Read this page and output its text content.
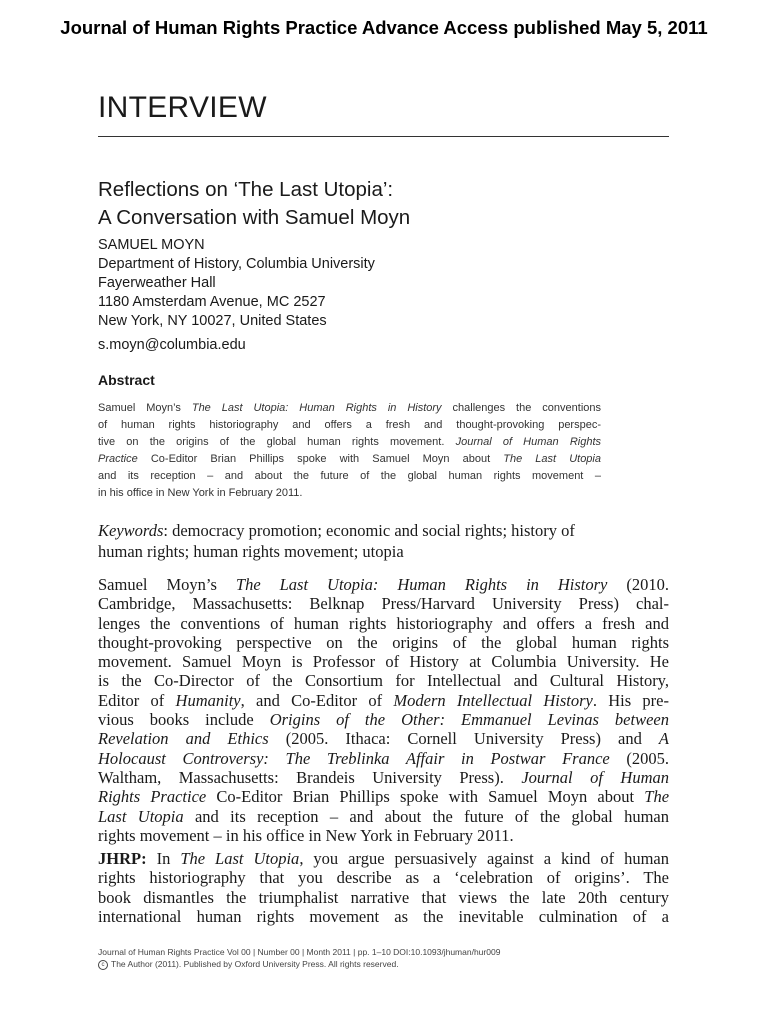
Journal of Human Rights Practice Advance Access published May 5, 2011
INTERVIEW
Reflections on ‘The Last Utopia’:
A Conversation with Samuel Moyn
SAMUEL MOYN
Department of History, Columbia University
Fayerweather Hall
1180 Amsterdam Avenue, MC 2527
New York, NY 10027, United States
s.moyn@columbia.edu
Abstract
Samuel Moyn’s The Last Utopia: Human Rights in History challenges the conventions
of human rights historiography and offers a fresh and thought-provoking perspec-
tive on the origins of the global human rights movement. Journal of Human Rights
Practice Co-Editor Brian Phillips spoke with Samuel Moyn about The Last Utopia
and its reception – and about the future of the global human rights movement –
in his office in New York in February 2011.
Keywords: democracy promotion; economic and social rights; history of
human rights; human rights movement; utopia
Samuel Moyn’s The Last Utopia: Human Rights in History (2010.
Cambridge, Massachusetts: Belknap Press/Harvard University Press) chal-
lenges the conventions of human rights historiography and offers a fresh and
thought-provoking perspective on the origins of the global human rights
movement. Samuel Moyn is Professor of History at Columbia University. He
is the Co-Director of the Consortium for Intellectual and Cultural History,
Editor of Humanity, and Co-Editor of Modern Intellectual History. His pre-
vious books include Origins of the Other: Emmanuel Levinas between
Revelation and Ethics (2005. Ithaca: Cornell University Press) and A
Holocaust Controversy: The Treblinka Affair in Postwar France (2005.
Waltham, Massachusetts: Brandeis University Press). Journal of Human
Rights Practice Co-Editor Brian Phillips spoke with Samuel Moyn about The
Last Utopia and its reception – and about the future of the global human
rights movement – in his office in New York in February 2011.
JHRP: In The Last Utopia, you argue persuasively against a kind of human
rights historiography that you describe as a ‘celebration of origins’. The
book dismantles the triumphalist narrative that views the late 20th century
international human rights movement as the inevitable culmination of a
Journal of Human Rights Practice Vol 00 | Number 00 | Month 2011 | pp. 1–10 DOI:10.1093/jhuman/hur009
c The Author (2011). Published by Oxford University Press. All rights reserved.
